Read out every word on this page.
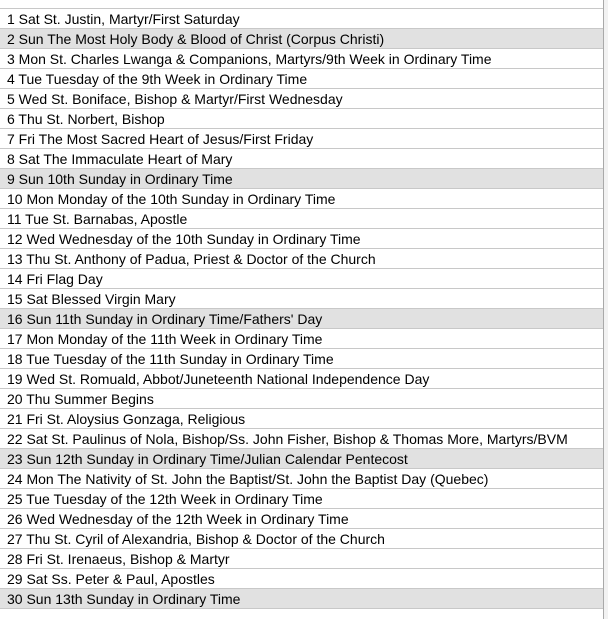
1 Sat St. Justin, Martyr/First Saturday
2 Sun The Most Holy Body & Blood of Christ (Corpus Christi)
3 Mon St. Charles Lwanga & Companions, Martyrs/9th Week in Ordinary Time
4 Tue Tuesday of the 9th Week in Ordinary Time
5 Wed St. Boniface, Bishop & Martyr/First Wednesday
6 Thu St. Norbert, Bishop
7 Fri The Most Sacred Heart of Jesus/First Friday
8 Sat The Immaculate Heart of Mary
9 Sun 10th Sunday in Ordinary Time
10 Mon Monday of the 10th Sunday in Ordinary Time
11 Tue St. Barnabas, Apostle
12 Wed Wednesday of the 10th Sunday in Ordinary Time
13 Thu St. Anthony of Padua, Priest & Doctor of the Church
14 Fri Flag Day
15 Sat Blessed Virgin Mary
16 Sun 11th Sunday in Ordinary Time/Fathers' Day
17 Mon Monday of the 11th Week in Ordinary Time
18 Tue Tuesday of the 11th Sunday in Ordinary Time
19 Wed St. Romuald, Abbot/Juneteenth National Independence Day
20 Thu Summer Begins
21 Fri St. Aloysius Gonzaga, Religious
22 Sat St. Paulinus of Nola, Bishop/Ss. John Fisher, Bishop & Thomas More, Martyrs/BVM
23 Sun 12th Sunday in Ordinary Time/Julian Calendar Pentecost
24 Mon The Nativity of St. John the Baptist/St. John the Baptist Day (Quebec)
25 Tue Tuesday of the 12th Week in Ordinary Time
26 Wed Wednesday of the 12th Week in Ordinary Time
27 Thu St. Cyril of Alexandria, Bishop & Doctor of the Church
28 Fri St. Irenaeus, Bishop & Martyr
29 Sat Ss. Peter & Paul, Apostles
30 Sun 13th Sunday in Ordinary Time
